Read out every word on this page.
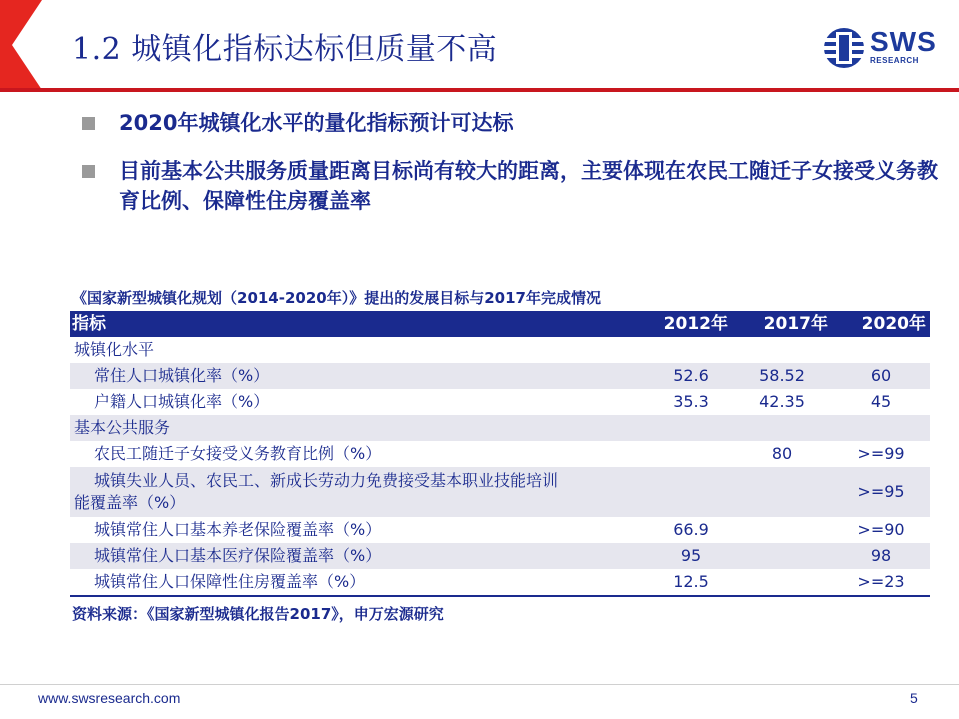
1.2 城镇化指标达标但质量不高	SWS
RESEARCH
2020年城镇化水平的量化指标预计可达标
目前基本公共服务质量距离目标尚有较大的距离，主要体现在农民工随迁子女接受义务教育比例、保障性住房覆盖率
《国家新型城镇化规划（2014-2020年）》提出的发展目标与2017年完成情况
指标	2012年	2017年	2020年
城镇化水平			
常住人口城镇化率（%）	52.6	58.52	60
户籍人口城镇化率（%）	35.3	42.35	45
基本公共服务			
农民工随迁子女接受义务教育比例（%）		80	>=99

城镇失业人员、农民工、新成长劳动力免费接受基本职业技能培训
能覆盖率（%）			>=95
城镇常住人口基本养老保险覆盖率（%）	66.9		>=90
城镇常住人口基本医疗保险覆盖率（%）	95		98
城镇常住人口保障性住房覆盖率（%）	12.5		>=23
资料来源：《国家新型城镇化报告2017》，申万宏源研究
www.swsresearch.com	5
